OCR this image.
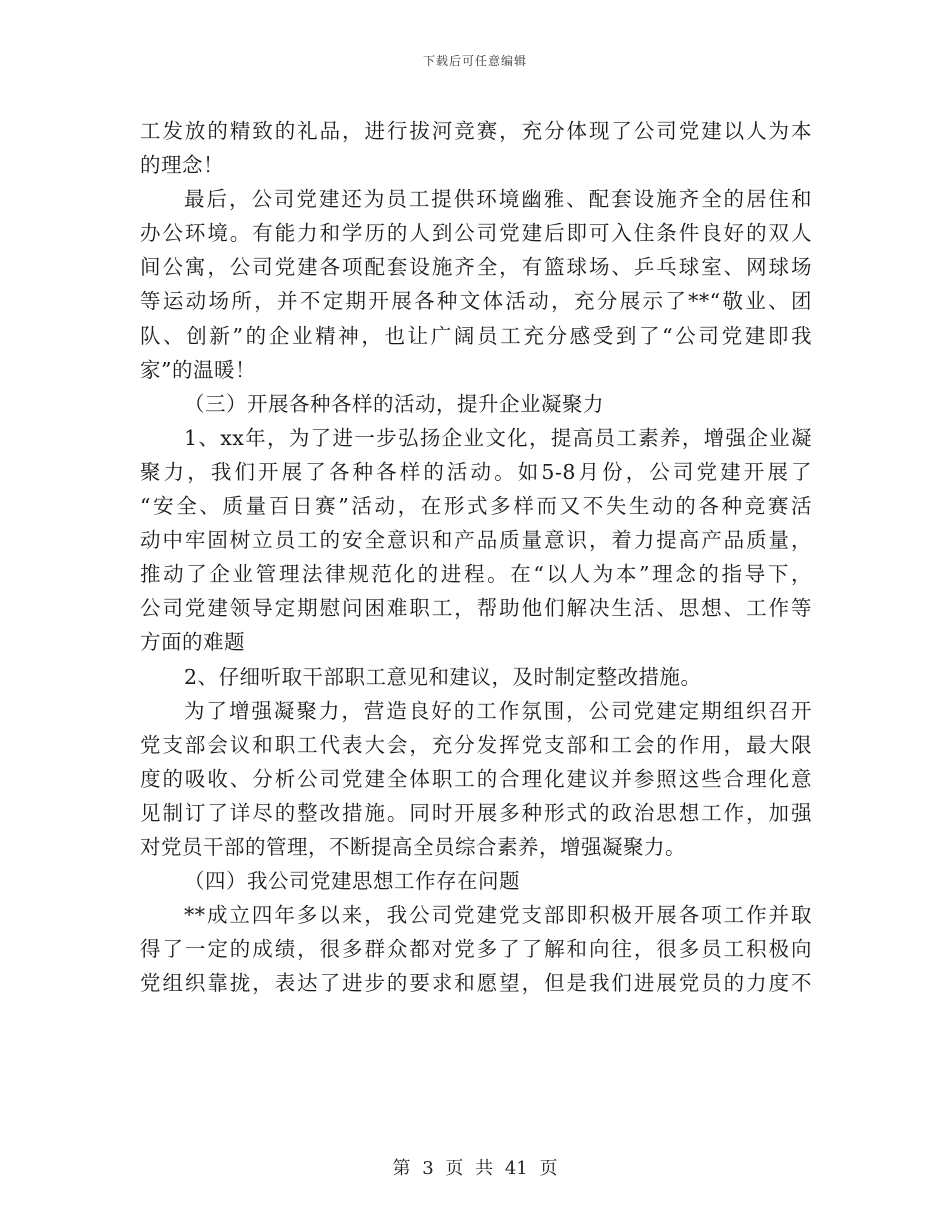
下载后可任意编辑
工发放的精致的礼品，进行拔河竞赛，充分体现了公司党建以人为本
的理念！
最后，公司党建还为员工提供环境幽雅、配套设施齐全的居住和
办公环境。有能力和学历的人到公司党建后即可入住条件良好的双人
间公寓，公司党建各项配套设施齐全，有篮球场、乒乓球室、网球场
等运动场所，并不定期开展各种文体活动，充分展示了**“敬业、团
队、创新”的企业精神，也让广阔员工充分感受到了“公司党建即我
家”的温暖！
（三）开展各种各样的活动，提升企业凝聚力
1、xx年，为了进一步弘扬企业文化，提高员工素养，增强企业凝
聚力，我们开展了各种各样的活动。如5-8月份，公司党建开展了
“安全、质量百日赛”活动，在形式多样而又不失生动的各种竞赛活
动中牢固树立员工的安全意识和产品质量意识，着力提高产品质量，
推动了企业管理法律规范化的进程。在“以人为本”理念的指导下，
公司党建领导定期慰问困难职工，帮助他们解决生活、思想、工作等
方面的难题
2、仔细听取干部职工意见和建议，及时制定整改措施。
为了增强凝聚力，营造良好的工作氛围，公司党建定期组织召开
党支部会议和职工代表大会，充分发挥党支部和工会的作用，最大限
度的吸收、分析公司党建全体职工的合理化建议并参照这些合理化意
见制订了详尽的整改措施。同时开展多种形式的政治思想工作，加强
对党员干部的管理，不断提高全员综合素养，增强凝聚力。
（四）我公司党建思想工作存在问题
**成立四年多以来，我公司党建党支部即积极开展各项工作并取
得了一定的成绩，很多群众都对党多了了解和向往，很多员工积极向
党组织靠拢，表达了进步的要求和愿望，但是我们进展党员的力度不
第 3 页 共 41 页
